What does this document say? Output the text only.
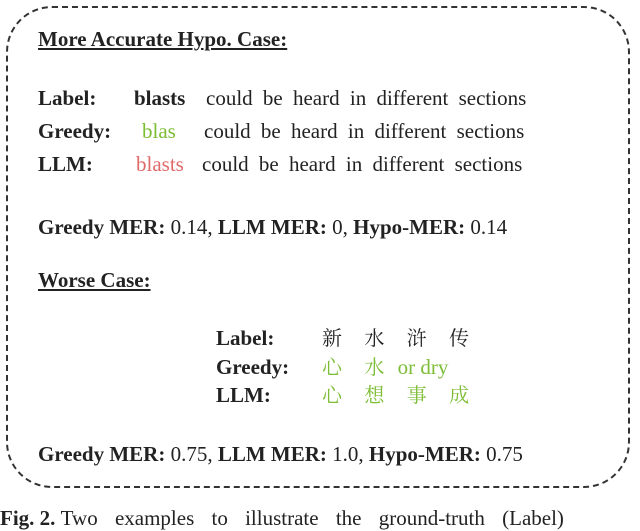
More Accurate Hypo. Case:
Label: blasts could be heard in different sections
Greedy: blas could be heard in different sections
LLM: blasts could be heard in different sections
Greedy MER: 0.14, LLM MER: 0, Hypo-MER: 0.14
Worse Case:
Label: 新 水 浒 传
Greedy: 心 水 or dry
LLM:	心 想 事 成
Greedy MER: 0.75, LLM MER: 1.0, Hypo-MER: 0.75
Fig. 2. Two examples to illustrate the ground-truth (Label)
